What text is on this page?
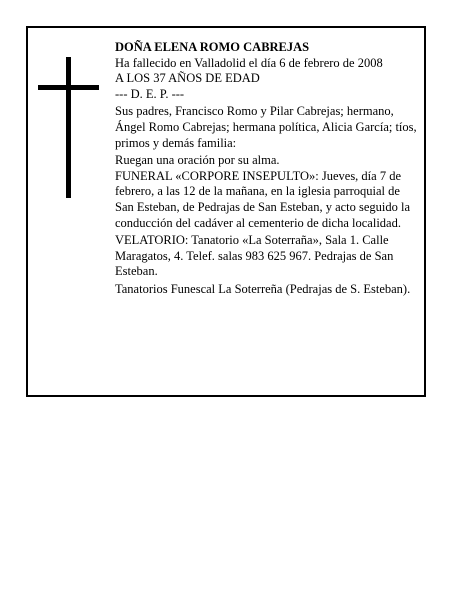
DOÑA ELENA ROMO CABREJAS

Ha fallecido en Valladolid el día 6 de febrero de 2008

A LOS 37 AÑOS DE EDAD

--- D. E. P. ---

Sus padres, Francisco Romo y Pilar Cabrejas; hermano, Ángel Romo Cabrejas; hermana política, Alicia García; tíos, primos y demás familia:

Ruegan una oración por su alma.

FUNERAL «CORPORE INSEPULTO»: Jueves, día 7 de febrero, a las 12 de la mañana, en la iglesia parroquial de San Esteban, de Pedrajas de San Esteban, y acto seguido la conducción del cadáver al cementerio de dicha localidad.

VELATORIO: Tanatorio «La Soterraña», Sala 1. Calle Maragatos, 4. Telef. salas 983 625 967. Pedrajas de San Esteban.

Tanatorios Funescal La Soterreña (Pedrajas de S. Esteban).
